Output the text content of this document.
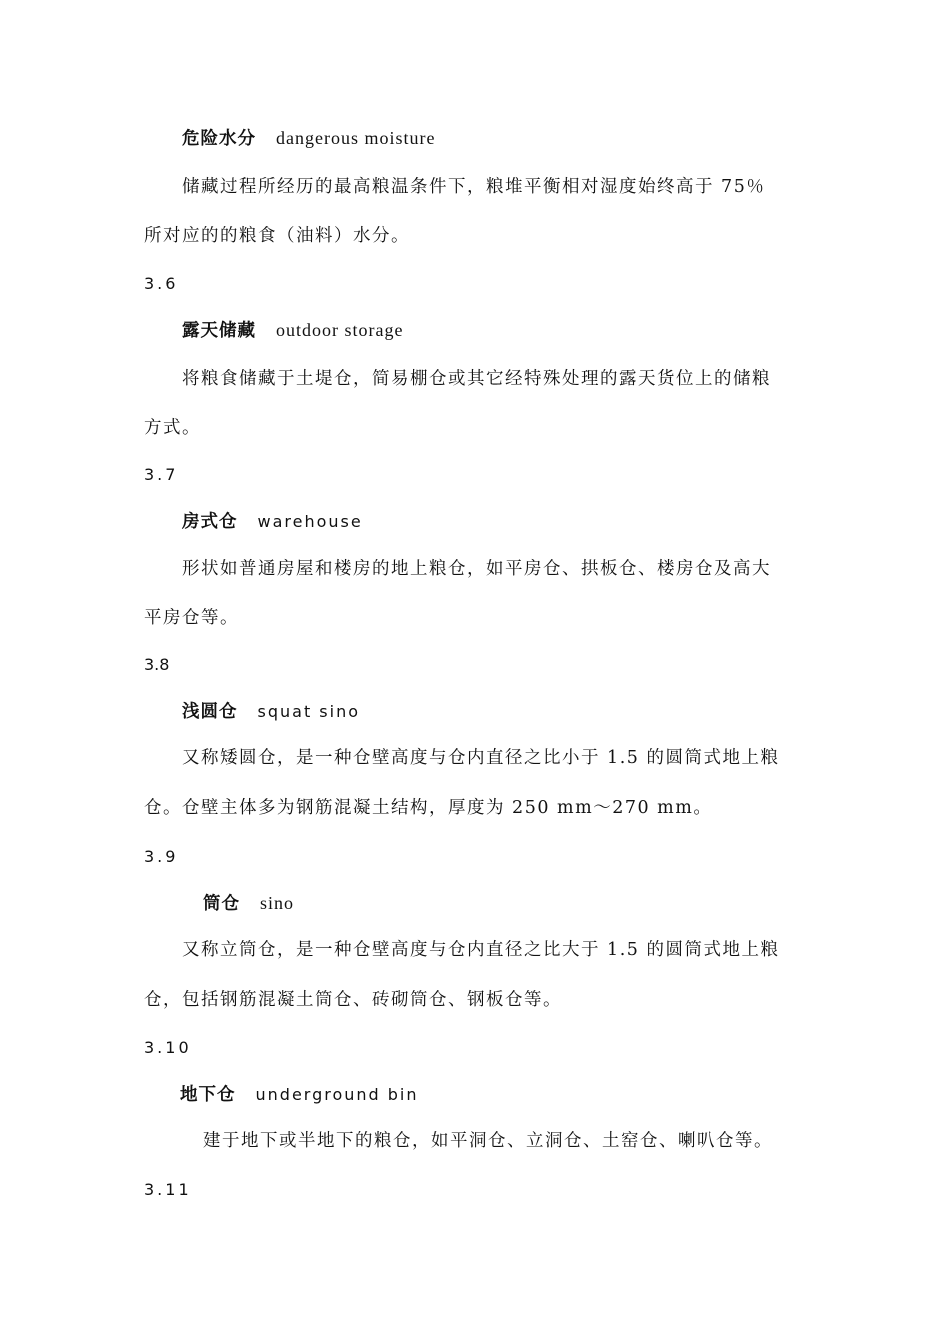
危险水分 dangerous moisture
储藏过程所经历的最高粮温条件下，粮堆平衡相对湿度始终高于 75％
所对应的的粮食（油料）水分。
3.6
露天储藏 outdoor storage
将粮食储藏于土堤仓，简易棚仓或其它经特殊处理的露天货位上的储粮
方式。
3.7
房式仓 warehouse
形状如普通房屋和楼房的地上粮仓，如平房仓、拱板仓、楼房仓及高大
平房仓等。
3.8
浅圆仓 squat sino
又称矮圆仓，是一种仓壁高度与仓内直径之比小于 1.5 的圆筒式地上粮
仓。仓壁主体多为钢筋混凝土结构，厚度为 250 mm～270 mm。
3.9
筒仓 sino
又称立筒仓，是一种仓壁高度与仓内直径之比大于 1.5 的圆筒式地上粮
仓，包括钢筋混凝土筒仓、砖砌筒仓、钢板仓等。
3.10
地下仓 underground bin
建于地下或半地下的粮仓，如平洞仓、立洞仓、土窑仓、喇叭仓等。
3.11
